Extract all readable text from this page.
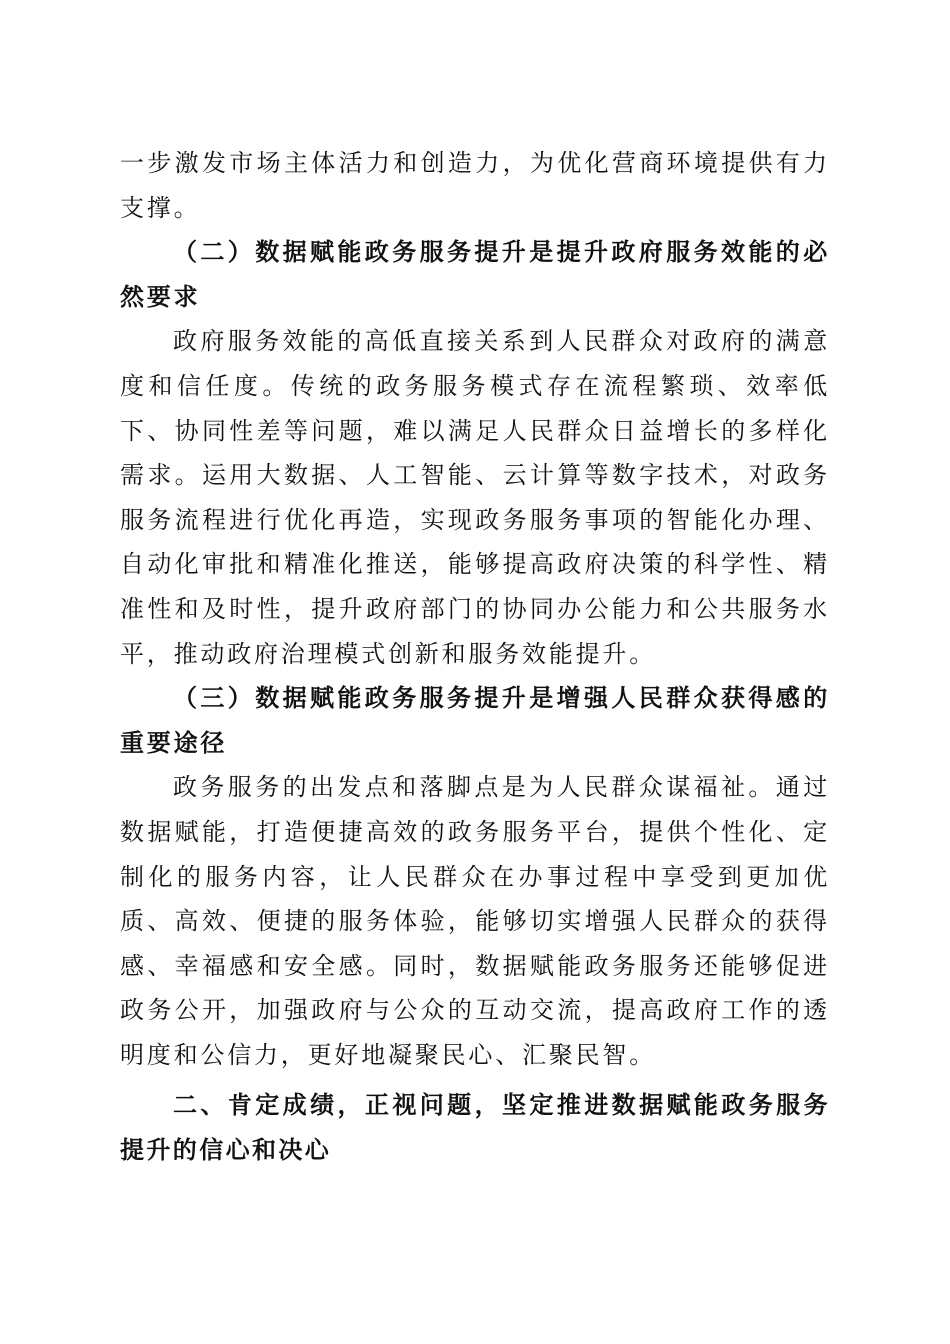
一步激发市场主体活力和创造力，为优化营商环境提供有力支撑。

（二）数据赋能政务服务提升是提升政府服务效能的必然要求

政府服务效能的高低直接关系到人民群众对政府的满意度和信任度。传统的政务服务模式存在流程繁琐、效率低下、协同性差等问题，难以满足人民群众日益增长的多样化需求。运用大数据、人工智能、云计算等数字技术，对政务服务流程进行优化再造，实现政务服务事项的智能化办理、自动化审批和精准化推送，能够提高政府决策的科学性、精准性和及时性，提升政府部门的协同办公能力和公共服务水平，推动政府治理模式创新和服务效能提升。

（三）数据赋能政务服务提升是增强人民群众获得感的重要途径

政务服务的出发点和落脚点是为人民群众谋福祉。通过数据赋能，打造便捷高效的政务服务平台，提供个性化、定制化的服务内容，让人民群众在办事过程中享受到更加优质、高效、便捷的服务体验，能够切实增强人民群众的获得感、幸福感和安全感。同时，数据赋能政务服务还能够促进政务公开，加强政府与公众的互动交流，提高政府工作的透明度和公信力，更好地凝聚民心、汇聚民智。

二、肯定成绩，正视问题，坚定推进数据赋能政务服务提升的信心和决心
